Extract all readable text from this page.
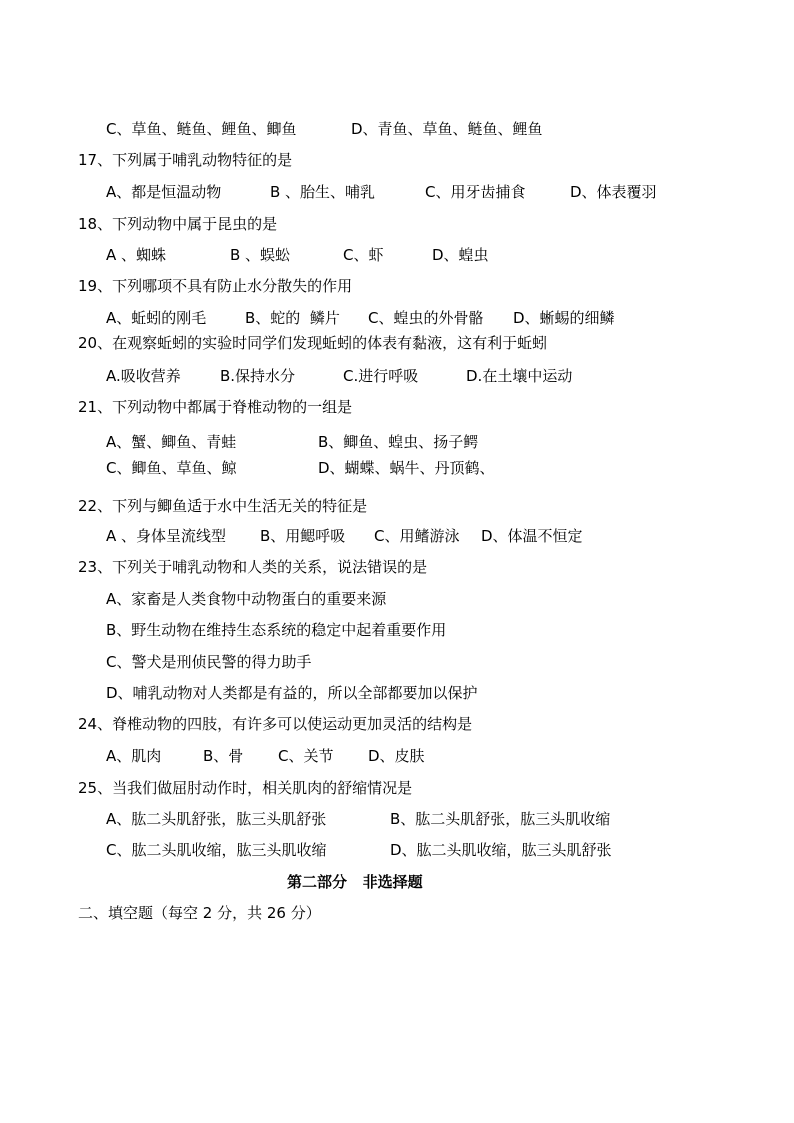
C、草鱼、鲢鱼、鲤鱼、鲫鱼	D、青鱼、草鱼、鲢鱼、鲤鱼
17、下列属于哺乳动物特征的是
A、都是恒温动物	B 、胎生、哺乳	C、用牙齿捕食	D、体表覆羽
18、下列动物中属于昆虫的是
A 、蜘蛛	B 、蜈蚣	C、虾	D、蝗虫
19、下列哪项不具有防止水分散失的作用
A、蚯蚓的刚毛	B、蛇的  鳞片 C、蝗虫的外骨骼 D、蜥蜴的细鳞
20、在观察蚯蚓的实验时同学们发现蚯蚓的体表有黏液，这有利于蚯蚓
A.吸收营养	B.保持水分	C.进行呼吸	D.在土壤中运动
21、下列动物中都属于脊椎动物的一组是
A、蟹、鲫鱼、青蛙	B、鲫鱼、蝗虫、扬子鳄
C、鲫鱼、草鱼、鲸	D、蝴蝶、蜗牛、丹顶鹤、
22、下列与鲫鱼适于水中生活无关的特征是
A 、身体呈流线型 B、用鳃呼吸 C、用鳍游泳 D、体温不恒定
23、下列关于哺乳动物和人类的关系，说法错误的是
A、家畜是人类食物中动物蛋白的重要来源
B、野生动物在维持生态系统的稳定中起着重要作用
C、警犬是刑侦民警的得力助手
D、哺乳动物对人类都是有益的，所以全部都要加以保护
24、脊椎动物的四肢，有许多可以使运动更加灵活的结构是
A、肌肉	B、骨 C、关节 D、皮肤
25、当我们做屈肘动作时，相关肌肉的舒缩情况是
A、肱二头肌舒张，肱三头肌舒张	B、肱二头肌舒张，肱三头肌收缩
C、肱二头肌收缩，肱三头肌收缩	D、肱二头肌收缩，肱三头肌舒张
第二部分   非选择题
二、填空题（每空 2 分，共 26 分）
